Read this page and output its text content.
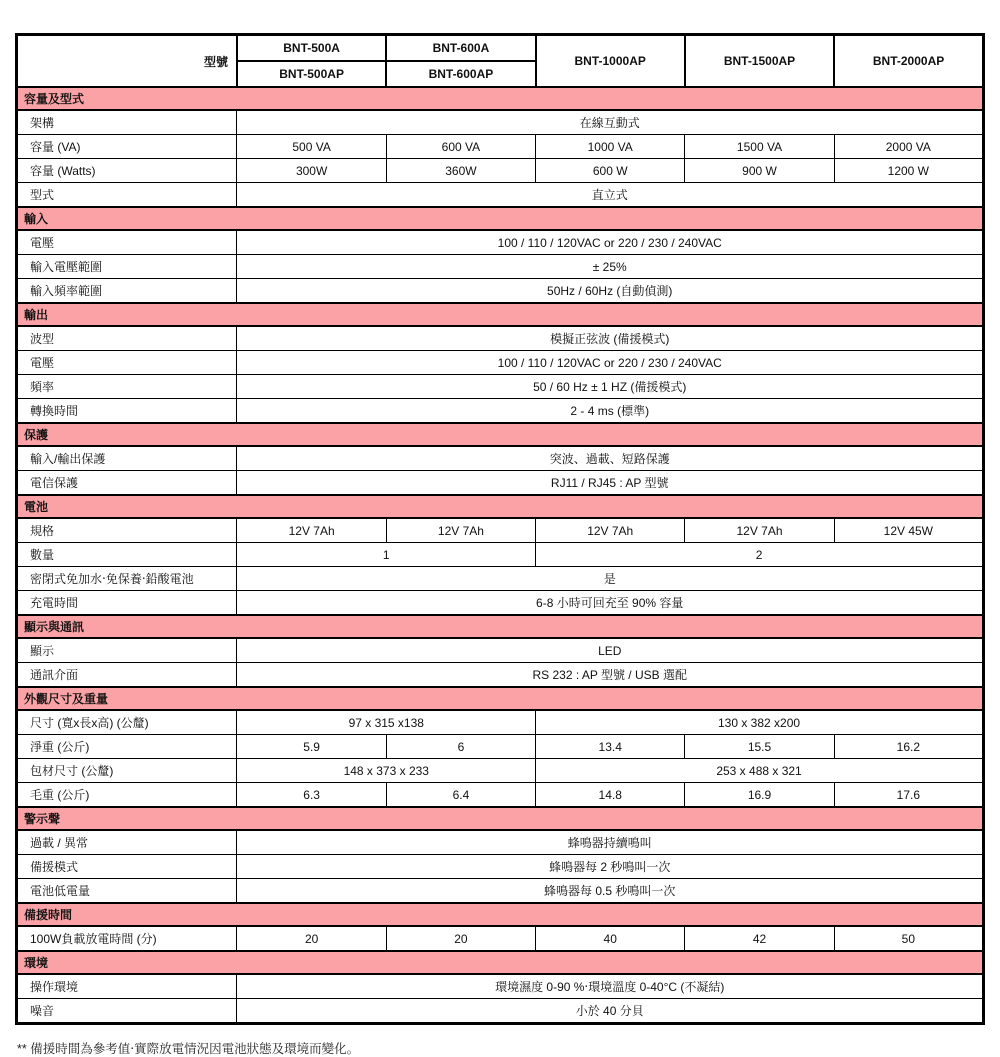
型號	BNT-500A	BNT-600A	BNT-1000AP	BNT-1500AP	BNT-2000AP
	BNT-500AP	BNT-600AP			
容量及型式					
架構	在線互動式				
容量 (VA)	500 VA	600 VA	1000 VA	1500 VA	2000 VA
容量 (Watts)	300W	360W	600 W	900 W	1200 W
型式	直立式				
輸入					
電壓	100 / 110 / 120VAC or 220 / 230 / 240VAC				
輸入電壓範圍	± 25%				
輸入頻率範圍	50Hz / 60Hz (自動偵測)				
輸出					
波型	模擬正弦波 (備援模式)				
電壓	100 / 110 / 120VAC or 220 / 230 / 240VAC				
頻率	50 / 60 Hz ± 1 HZ (備援模式)				
轉換時間	2 - 4 ms (標準)				
保護					
輸入/輸出保護	突波、過載、短路保護				
電信保護	RJ11 / RJ45 : AP 型號				
電池					
規格	12V 7Ah	12V 7Ah	12V 7Ah	12V 7Ah	12V 45W
數量	1		2		
密閉式免加水‧免保養‧鉛酸電池	是				
充電時間	6-8 小時可回充至 90% 容量				
顯示與通訊					
顯示	LED				
通訊介面	RS 232 : AP 型號 / USB 選配				
外觀尺寸及重量					
尺寸 (寬x長x高) (公釐)	97 x 315 x138		130 x 382 x200		
淨重 (公斤)	5.9	6	13.4	15.5	16.2
包材尺寸 (公釐)	148 x 373 x 233		253 x 488 x 321		
毛重 (公斤)	6.3	6.4	14.8	16.9	17.6
警示聲					
過載 / 異常	蜂鳴器持續鳴叫				
備援模式	蜂鳴器每 2 秒鳴叫一次				
電池低電量	蜂鳴器每 0.5 秒鳴叫一次				
備援時間					
100W負載放電時間 (分)	20	20	40	42	50
環境					
操作環境	環境濕度 0-90 %‧環境溫度 0-40°C (不凝結)				
噪音	小於 40 分貝				

** 備援時間為參考值‧實際放電情況因電池狀態及環境而變化。
